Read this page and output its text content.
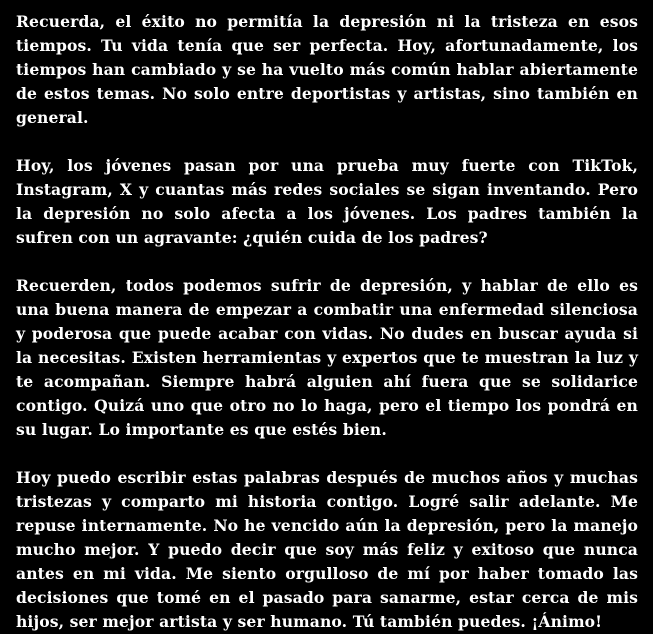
Recuerda, el éxito no permitía la depresión ni la tristeza en esos tiempos. Tu vida tenía que ser perfecta. Hoy, afortunadamente, los tiempos han cambiado y se ha vuelto más común hablar abiertamente de estos temas. No solo entre deportistas y artistas, sino también en general.

Hoy, los jóvenes pasan por una prueba muy fuerte con TikTok, Instagram, X y cuantas más redes sociales se sigan inventando. Pero la depresión no solo afecta a los jóvenes. Los padres también la sufren con un agravante: ¿quién cuida de los padres?

Recuerden, todos podemos sufrir de depresión, y hablar de ello es una buena manera de empezar a combatir una enfermedad silenciosa y poderosa que puede acabar con vidas. No dudes en buscar ayuda si la necesitas. Existen herramientas y expertos que te muestran la luz y te acompañan. Siempre habrá alguien ahí fuera que se solidarice contigo. Quizá uno que otro no lo haga, pero el tiempo los pondrá en su lugar. Lo importante es que estés bien.

Hoy puedo escribir estas palabras después de muchos años y muchas tristezas y comparto mi historia contigo. Logré salir adelante. Me repuse internamente. No he vencido aún la depresión, pero la manejo mucho mejor. Y puedo decir que soy más feliz y exitoso que nunca antes en mi vida. Me siento orgulloso de mí por haber tomado las decisiones que tomé en el pasado para sanarme, estar cerca de mis hijos, ser mejor artista y ser humano. Tú también puedes. ¡Ánimo!
